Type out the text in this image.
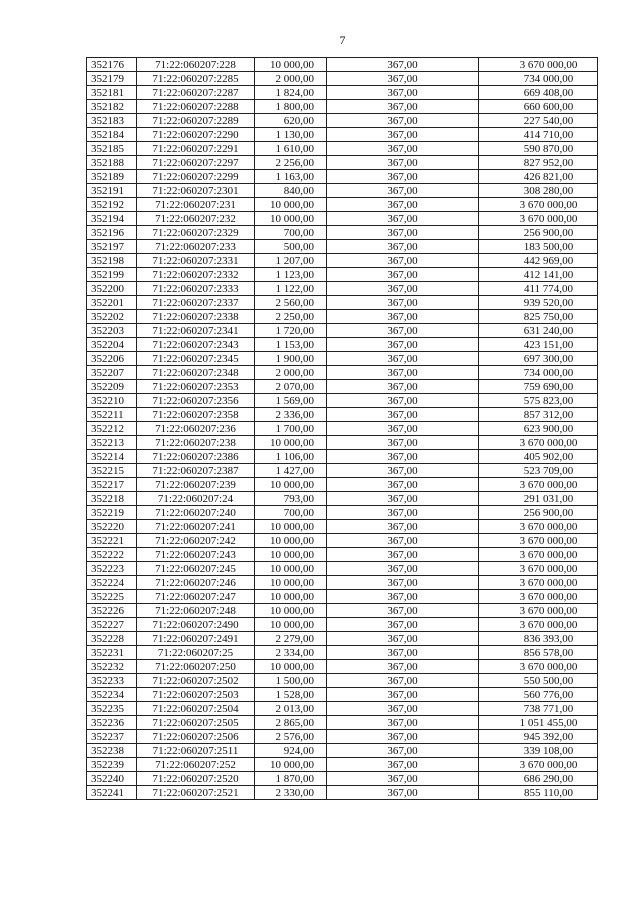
7
352176	71:22:060207:228	10 000,00	367,00	3 670 000,00
352179	71:22:060207:2285	2 000,00	367,00	734 000,00
352181	71:22:060207:2287	1 824,00	367,00	669 408,00
352182	71:22:060207:2288	1 800,00	367,00	660 600,00
352183	71:22:060207:2289	620,00	367,00	227 540,00
352184	71:22:060207:2290	1 130,00	367,00	414 710,00
352185	71:22:060207:2291	1 610,00	367,00	590 870,00
352188	71:22:060207:2297	2 256,00	367,00	827 952,00
352189	71:22:060207:2299	1 163,00	367,00	426 821,00
352191	71:22:060207:2301	840,00	367,00	308 280,00
352192	71:22:060207:231	10 000,00	367,00	3 670 000,00
352194	71:22:060207:232	10 000,00	367,00	3 670 000,00
352196	71:22:060207:2329	700,00	367,00	256 900,00
352197	71:22:060207:233	500,00	367,00	183 500,00
352198	71:22:060207:2331	1 207,00	367,00	442 969,00
352199	71:22:060207:2332	1 123,00	367,00	412 141,00
352200	71:22:060207:2333	1 122,00	367,00	411 774,00
352201	71:22:060207:2337	2 560,00	367,00	939 520,00
352202	71:22:060207:2338	2 250,00	367,00	825 750,00
352203	71:22:060207:2341	1 720,00	367,00	631 240,00
352204	71:22:060207:2343	1 153,00	367,00	423 151,00
352206	71:22:060207:2345	1 900,00	367,00	697 300,00
352207	71:22:060207:2348	2 000,00	367,00	734 000,00
352209	71:22:060207:2353	2 070,00	367,00	759 690,00
352210	71:22:060207:2356	1 569,00	367,00	575 823,00
352211	71:22:060207:2358	2 336,00	367,00	857 312,00
352212	71:22:060207:236	1 700,00	367,00	623 900,00
352213	71:22:060207:238	10 000,00	367,00	3 670 000,00
352214	71:22:060207:2386	1 106,00	367,00	405 902,00
352215	71:22:060207:2387	1 427,00	367,00	523 709,00
352217	71:22:060207:239	10 000,00	367,00	3 670 000,00
352218	71:22:060207:24	793,00	367,00	291 031,00
352219	71:22:060207:240	700,00	367,00	256 900,00
352220	71:22:060207:241	10 000,00	367,00	3 670 000,00
352221	71:22:060207:242	10 000,00	367,00	3 670 000,00
352222	71:22:060207:243	10 000,00	367,00	3 670 000,00
352223	71:22:060207:245	10 000,00	367,00	3 670 000,00
352224	71:22:060207:246	10 000,00	367,00	3 670 000,00
352225	71:22:060207:247	10 000,00	367,00	3 670 000,00
352226	71:22:060207:248	10 000,00	367,00	3 670 000,00
352227	71:22:060207:2490	10 000,00	367,00	3 670 000,00
352228	71:22:060207:2491	2 279,00	367,00	836 393,00
352231	71:22:060207:25	2 334,00	367,00	856 578,00
352232	71:22:060207:250	10 000,00	367,00	3 670 000,00
352233	71:22:060207:2502	1 500,00	367,00	550 500,00
352234	71:22:060207:2503	1 528,00	367,00	560 776,00
352235	71:22:060207:2504	2 013,00	367,00	738 771,00
352236	71:22:060207:2505	2 865,00	367,00	1 051 455,00
352237	71:22:060207:2506	2 576,00	367,00	945 392,00
352238	71:22:060207:2511	924,00	367,00	339 108,00
352239	71:22:060207:252	10 000,00	367,00	3 670 000,00
352240	71:22:060207:2520	1 870,00	367,00	686 290,00
352241	71:22:060207:2521	2 330,00	367,00	855 110,00
